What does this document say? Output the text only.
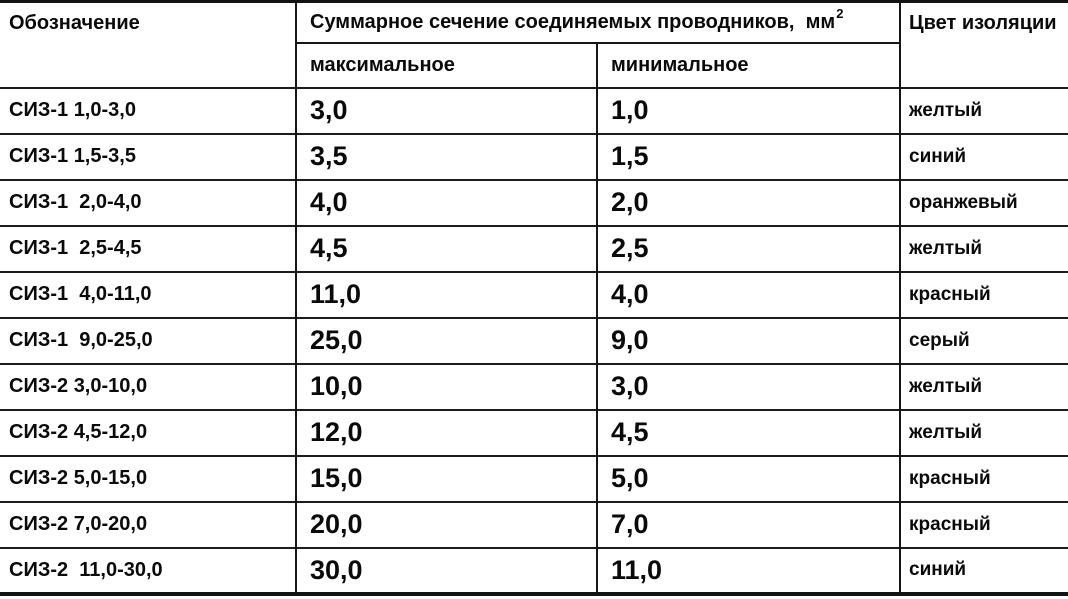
Обозначение	Суммарное сечение соединяемых проводников,  $мм^2$		Цвет изоляции
	максимальное	минимальное	
СИЗ-1 1,0-3,0	3,0	1,0	желтый
СИЗ-1 1,5-3,5	3,5	1,5	синий
СИЗ-1  2,0-4,0	4,0	2,0	оранжевый
СИЗ-1  2,5-4,5	4,5	2,5	желтый
СИЗ-1  4,0-11,0	11,0	4,0	красный
СИЗ-1  9,0-25,0	25,0	9,0	серый
СИЗ-2 3,0-10,0	10,0	3,0	желтый
СИЗ-2 4,5-12,0	12,0	4,5	желтый
СИЗ-2 5,0-15,0	15,0	5,0	красный
СИЗ-2 7,0-20,0	20,0	7,0	красный
СИЗ-2  11,0-30,0	30,0	11,0	синий
